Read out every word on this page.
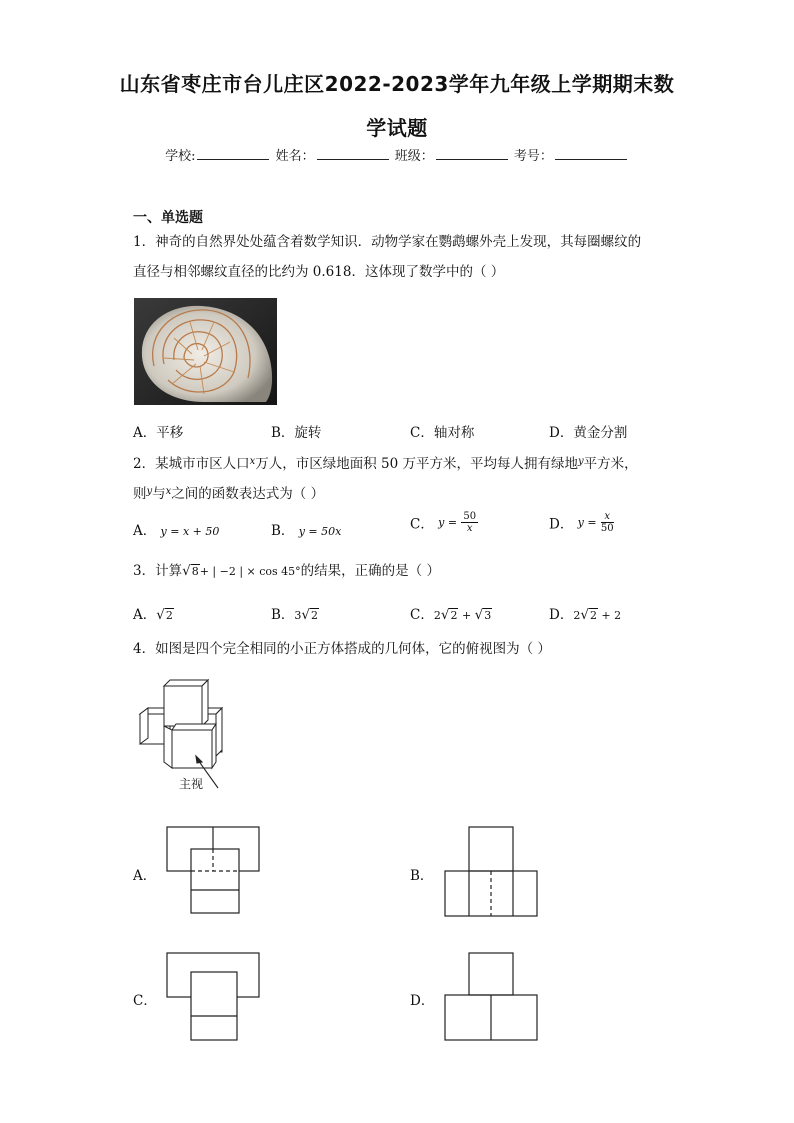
山东省枣庄市台儿庄区2022-2023学年九年级上学期期末数
学试题
学校:	姓名：	班级：	考号：
一、单选题
1．神奇的自然界处处蕴含着数学知识．动物学家在鹦鹉螺外壳上发现，其每圈螺纹的
直径与相邻螺纹直径的比约为 0.618．这体现了数学中的（ ）
A．平移	B．旋转	C．轴对称	D．黄金分割
2．某城市市区人口$^x$万人，市区绿地面积 50 万平方米，平均每人拥有绿地$^y$平方米，
则$^y$与$^x$之间的函数表达式为（ ）
A． y = x + 50	B． y = 50x	C． $y = \frac{50}{x}$	D． $y = \frac{x}{50}$
3．计算√8+ | −2 | × cos 45°的结果，正确的是（ ）
A．√2	B．3√2	C．2√2 + √3	D．2√2 + 2
4．如图是四个完全相同的小正方体搭成的几何体，它的俯视图为（ ）
主视
A．	B．
C．	D．
